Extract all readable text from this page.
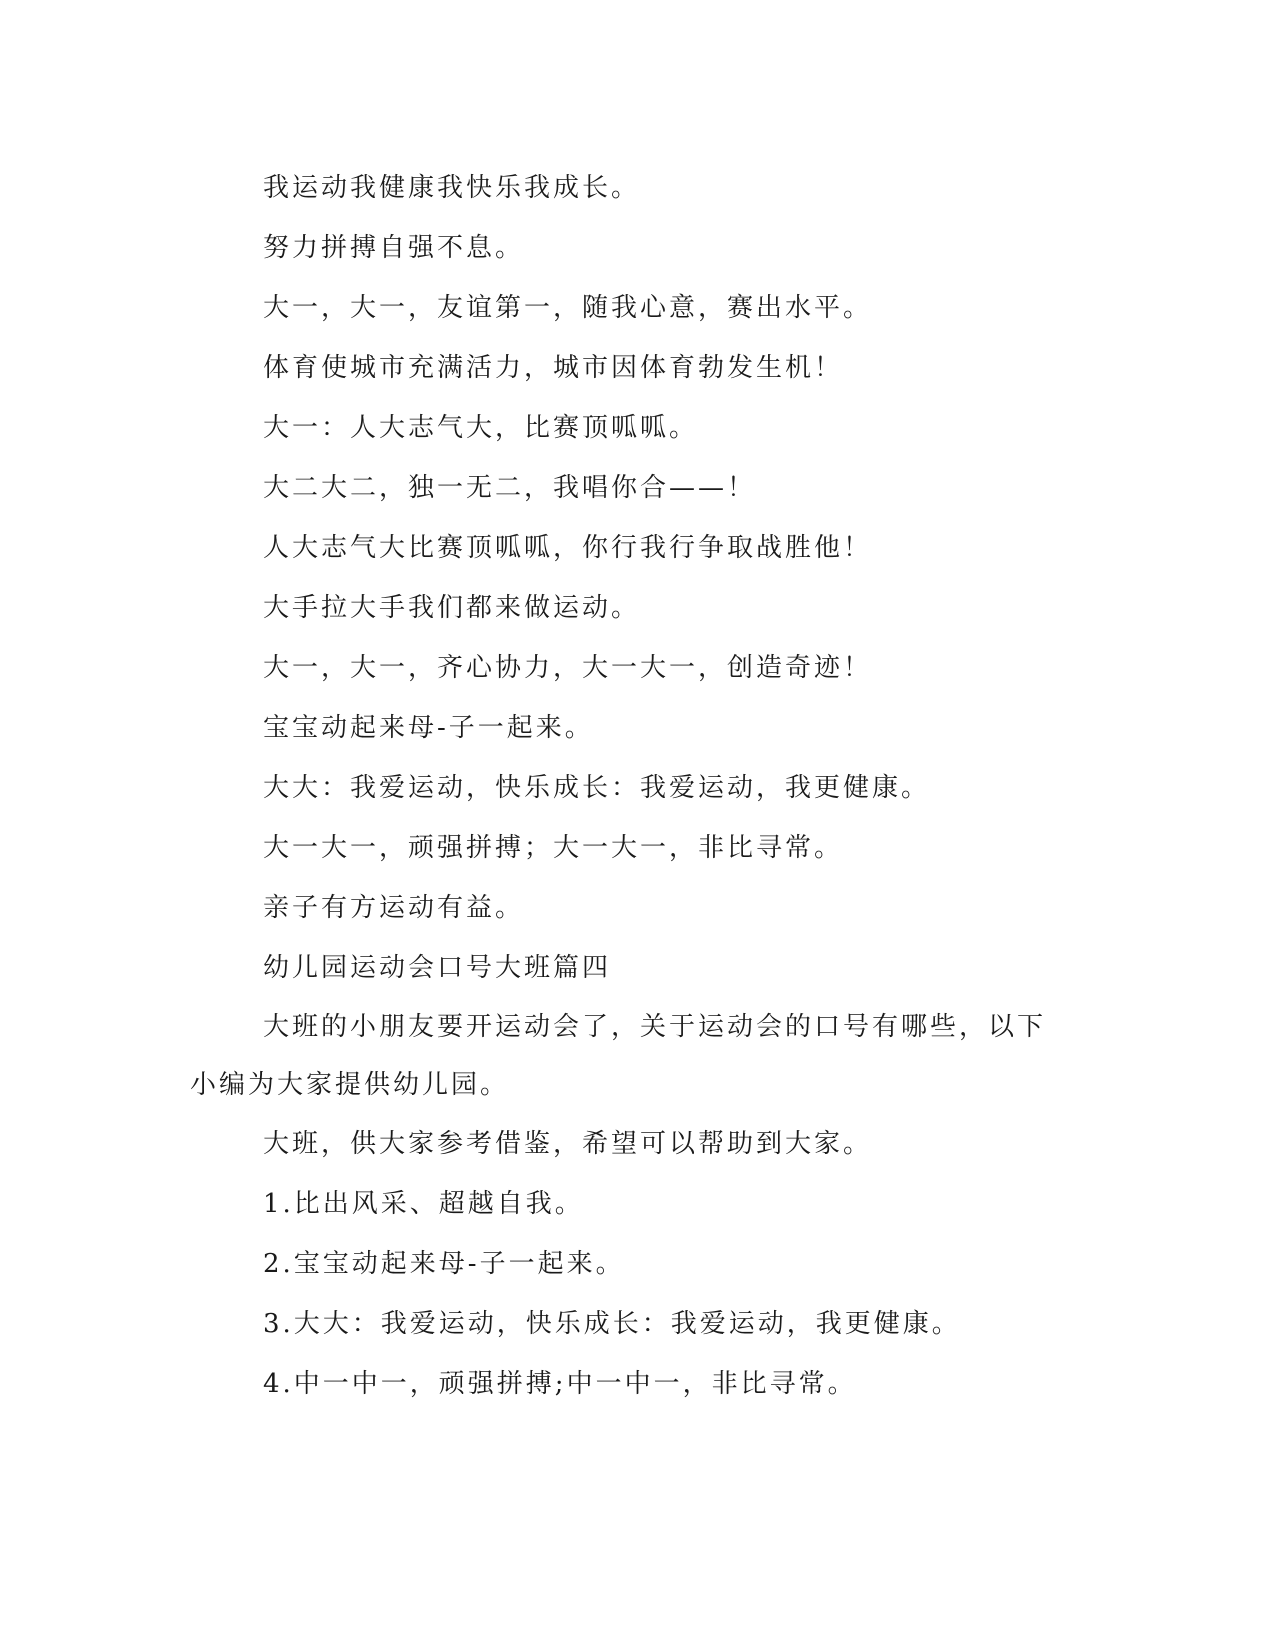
我运动我健康我快乐我成长。

努力拼搏自强不息。

大一，大一，友谊第一，随我心意，赛出水平。

体育使城市充满活力，城市因体育勃发生机！

大一：人大志气大，比赛顶呱呱。

大二大二，独一无二，我唱你合——！

人大志气大比赛顶呱呱，你行我行争取战胜他！

大手拉大手我们都来做运动。

大一，大一，齐心协力，大一大一，创造奇迹！

宝宝动起来母-子一起来。

大大：我爱运动，快乐成长：我爱运动，我更健康。

大一大一，顽强拼搏；大一大一，非比寻常。

亲子有方运动有益。

幼儿园运动会口号大班篇四

大班的小朋友要开运动会了，关于运动会的口号有哪些，以下小编为大家提供幼儿园。

大班，供大家参考借鉴，希望可以帮助到大家。

1.比出风采、超越自我。

2.宝宝动起来母-子一起来。

3.大大：我爱运动，快乐成长：我爱运动，我更健康。

4.中一中一，顽强拼搏;中一中一，非比寻常。
